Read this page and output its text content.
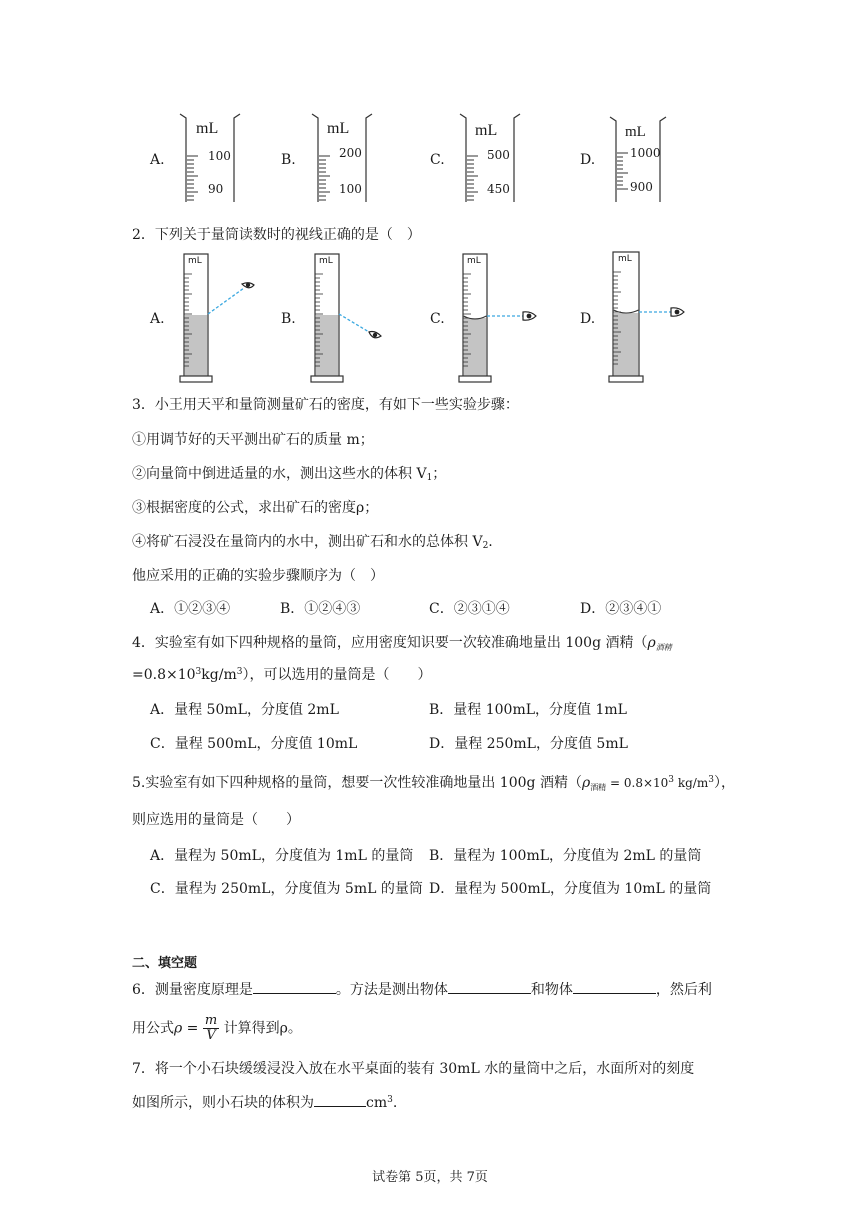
A.
mL
100
90
B.
mL
200
100
C.
mL
500
450
D.
mL
1000
900
2．下列关于量筒读数时的视线正确的是（　）
A.	B.	C.	D.
mL	mL	mL	mL
3．小王用天平和量筒测量矿石的密度，有如下一些实验步骤：
①用调节好的天平测出矿石的质量 m；
②向量筒中倒进适量的水，测出这些水的体积 $V_1$；
③根据密度的公式，求出矿石的密度ρ；
④将矿石浸没在量筒内的水中，测出矿石和水的总体积 $V_2$.
他应采用的正确的实验步骤顺序为（　）
A．①②③④	B．①②④③	C．②③①④	D．②③④①
4．实验室有如下四种规格的量筒，应用密度知识要一次较准确地量出 100g 酒精（$\rho_{酒精}$
$=0.8\times 10^3kg/m^3$），可以选用的量筒是（　　）
A．量程 50mL，分度值 2mL	B．量程 100mL，分度值 1mL
C．量程 500mL，分度值 10mL	D．量程 250mL，分度值 5mL
5.实验室有如下四种规格的量筒，想要一次性较准确地量出 100g 酒精（$\rho_{酒精} = 0.8\times 10^3$ $kg/m^3$），
则应选用的量筒是（　　）
A．量程为 50mL，分度值为 1mL 的量筒 B．量程为 100mL，分度值为 2mL 的量筒
C．量程为 250mL，分度值为 5mL 的量筒 D．量程为 500mL，分度值为 10mL 的量筒
二、填空题
6．测量密度原理是	。方法是测出物体	和物体	，然后利
用公式$\rho = \frac{m}{V}$ 计算得到ρ。
7．将一个小石块缓缓浸没入放在水平桌面的装有 30mL 水的量筒中之后，水面所对的刻度
如图所示，则小石块的体积为	$cm^3$.
试卷第 5页，共 7页
